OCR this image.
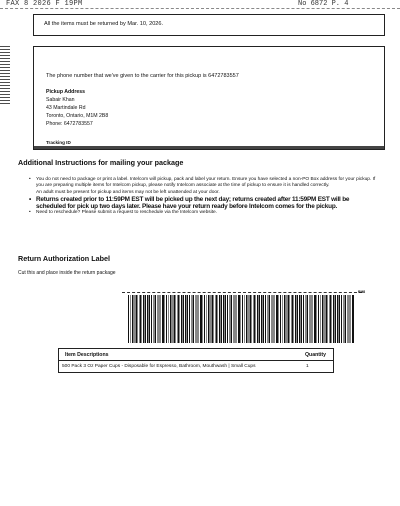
FAX 8 2026 F 19PM	No 6872 P. 4
All the items must be returned by Mar. 10, 2026.
The phone number that we've given to the carrier for this pickup is 6472783557
Pickup Address
Sabair Khan
43 Martindale Rd
Toronto, Ontario, M1M 2B8
Phone: 6472783557
Tracking ID
Additional Instructions for mailing your package
• You do not need to package or print a label. Intelcom will pickup, pack and label your return. Ensure you have selected a non-PO Box address for your pickup. If you are preparing multiple items for Intelcom pickup, please notify Intelcom associate at the time of pickup to ensure it is handled correctly.
An adult must be present for pickup and items may not be left unattended at your door.
• Returns created prior to 11:59PM EST will be picked up the next day; returns created after 11:59PM EST will be scheduled for pick up two days later. Please have your return ready before Intelcom comes for the pickup.
• Need to reschedule? Please submit a request to reschedule via the Intelcom website.
Return Authorization Label
Cut this and place inside the return package
RM8
Item Descriptions	Quantity
500 Pack 3 Oz Paper Cups - Disposable for Espresso, Bathroom, Mouthwash | Small Cups	1
